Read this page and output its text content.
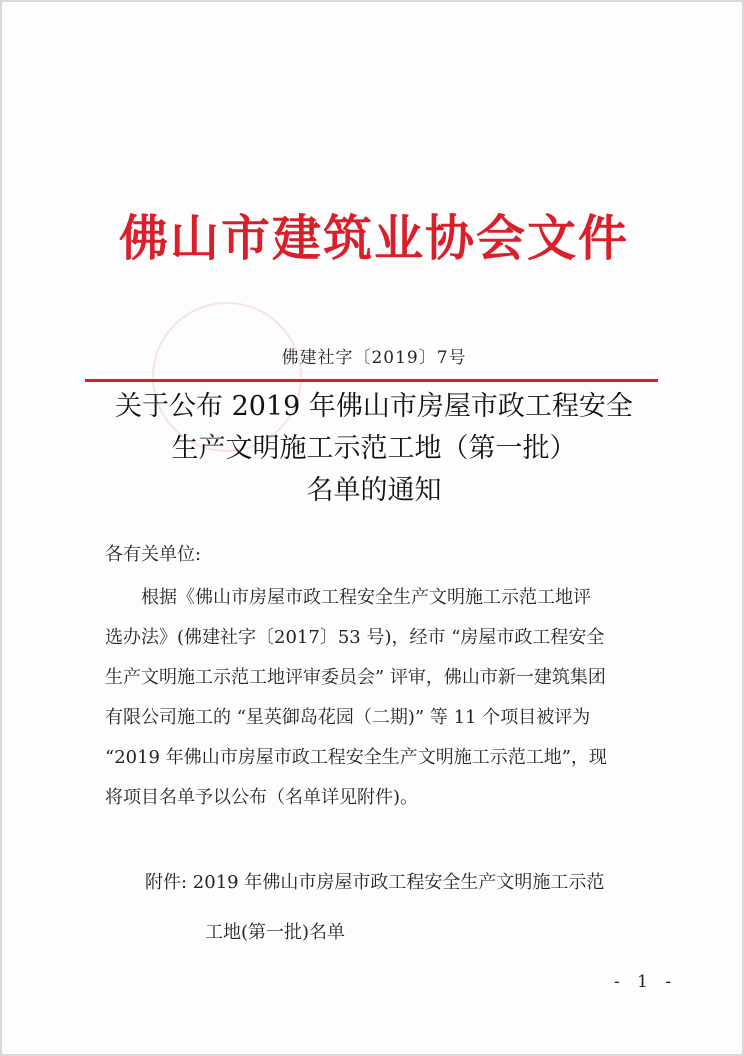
佛山市建筑业协会文件
佛建社字〔2019〕7号
关于公布 2019 年佛山市房屋市政工程安全
生产文明施工示范工地（第一批）
名单的通知
各有关单位:
　　根据《佛山市房屋市政工程安全生产文明施工示范工地评
选办法》(佛建社字〔2017〕53 号)，经市 “房屋市政工程安全
生产文明施工示范工地评审委员会” 评审，佛山市新一建筑集团
有限公司施工的 “星英御岛花园（二期)” 等 11 个项目被评为
“2019 年佛山市房屋市政工程安全生产文明施工示范工地”，现
将项目名单予以公布（名单详见附件)。
附件: 2019 年佛山市房屋市政工程安全生产文明施工示范
工地(第一批)名单
- 1 -
